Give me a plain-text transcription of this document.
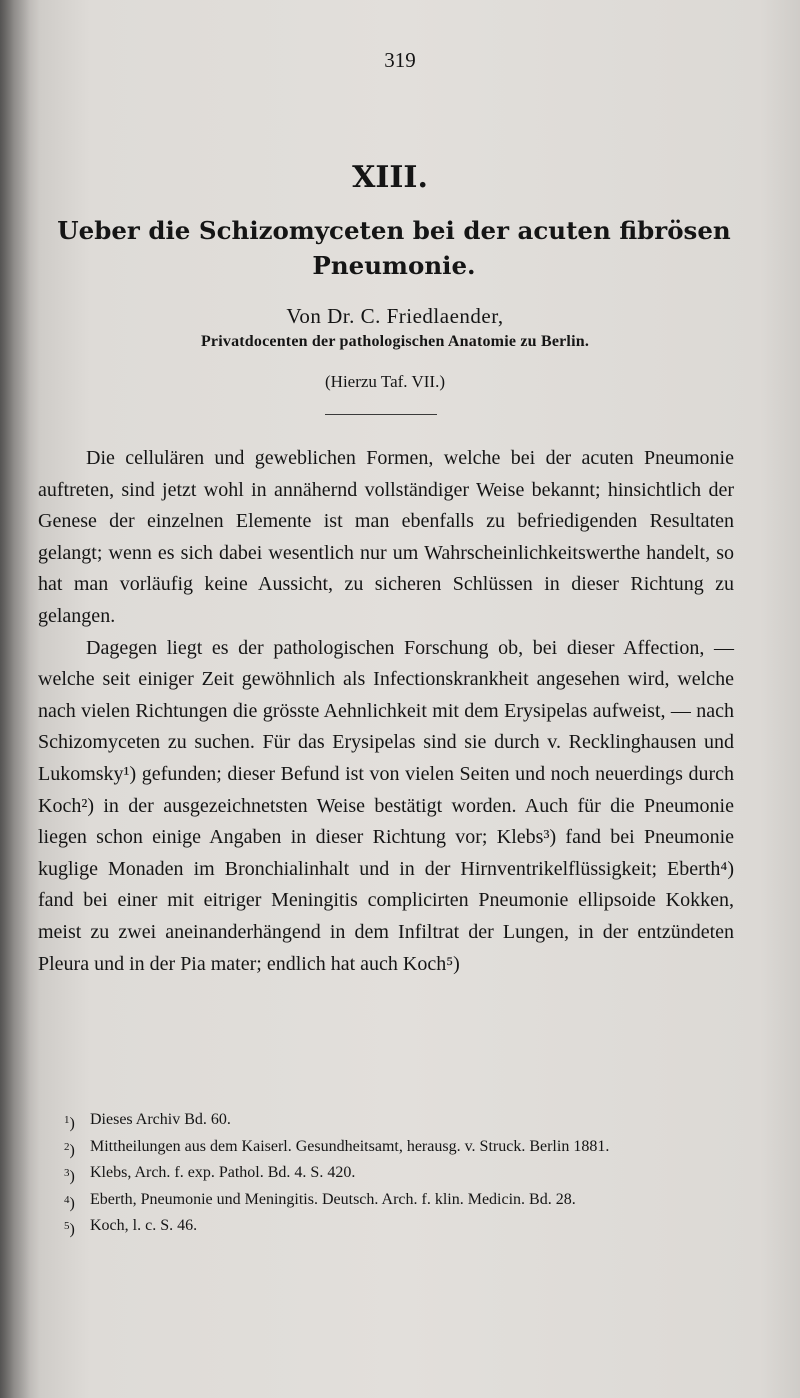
319
XIII.
Ueber die Schizomyceten bei der acuten fibrösen
Pneumonie.
Von Dr. C. Friedlaender,
Privatdocenten der pathologischen Anatomie zu Berlin.
(Hierzu Taf. VII.)

Die cellulären und geweblichen Formen, welche bei der acuten Pneumonie auftreten, sind jetzt wohl in annähernd vollständiger Weise bekannt; hinsichtlich der Genese der einzelnen Elemente ist man ebenfalls zu befriedigenden Resultaten gelangt; wenn es sich dabei wesentlich nur um Wahrscheinlichkeitswerthe handelt, so hat man vorläufig keine Aussicht, zu sicheren Schlüssen in dieser Richtung zu gelangen.

Dagegen liegt es der pathologischen Forschung ob, bei dieser Affection, — welche seit einiger Zeit gewöhnlich als Infectionskrankheit angesehen wird, welche nach vielen Richtungen die grösste Aehnlichkeit mit dem Erysipelas aufweist, — nach Schizomyceten zu suchen. Für das Erysipelas sind sie durch v. Recklinghausen und Lukomsky¹) gefunden; dieser Befund ist von vielen Seiten und noch neuerdings durch Koch²) in der ausgezeichnetsten Weise bestätigt worden. Auch für die Pneumonie liegen schon einige Angaben in dieser Richtung vor; Klebs³) fand bei Pneumonie kuglige Monaden im Bronchialinhalt und in der Hirnventrikelflüssigkeit; Eberth⁴) fand bei einer mit eitriger Meningitis complicirten Pneumonie ellipsoide Kokken, meist zu zwei aneinanderhängend in dem Infiltrat der Lungen, in der entzündeten Pleura und in der Pia mater; endlich hat auch Koch⁵)

$^1$) Dieses Archiv Bd. 60.
$^2$) Mittheilungen aus dem Kaiserl. Gesundheitsamt, herausg. v. Struck. Berlin 1881.
$^3$) Klebs, Arch. f. exp. Pathol. Bd. 4. S. 420.
$^4$) Eberth, Pneumonie und Meningitis. Deutsch. Arch. f. klin. Medicin. Bd. 28.
$^5$) Koch, l. c. S. 46.
